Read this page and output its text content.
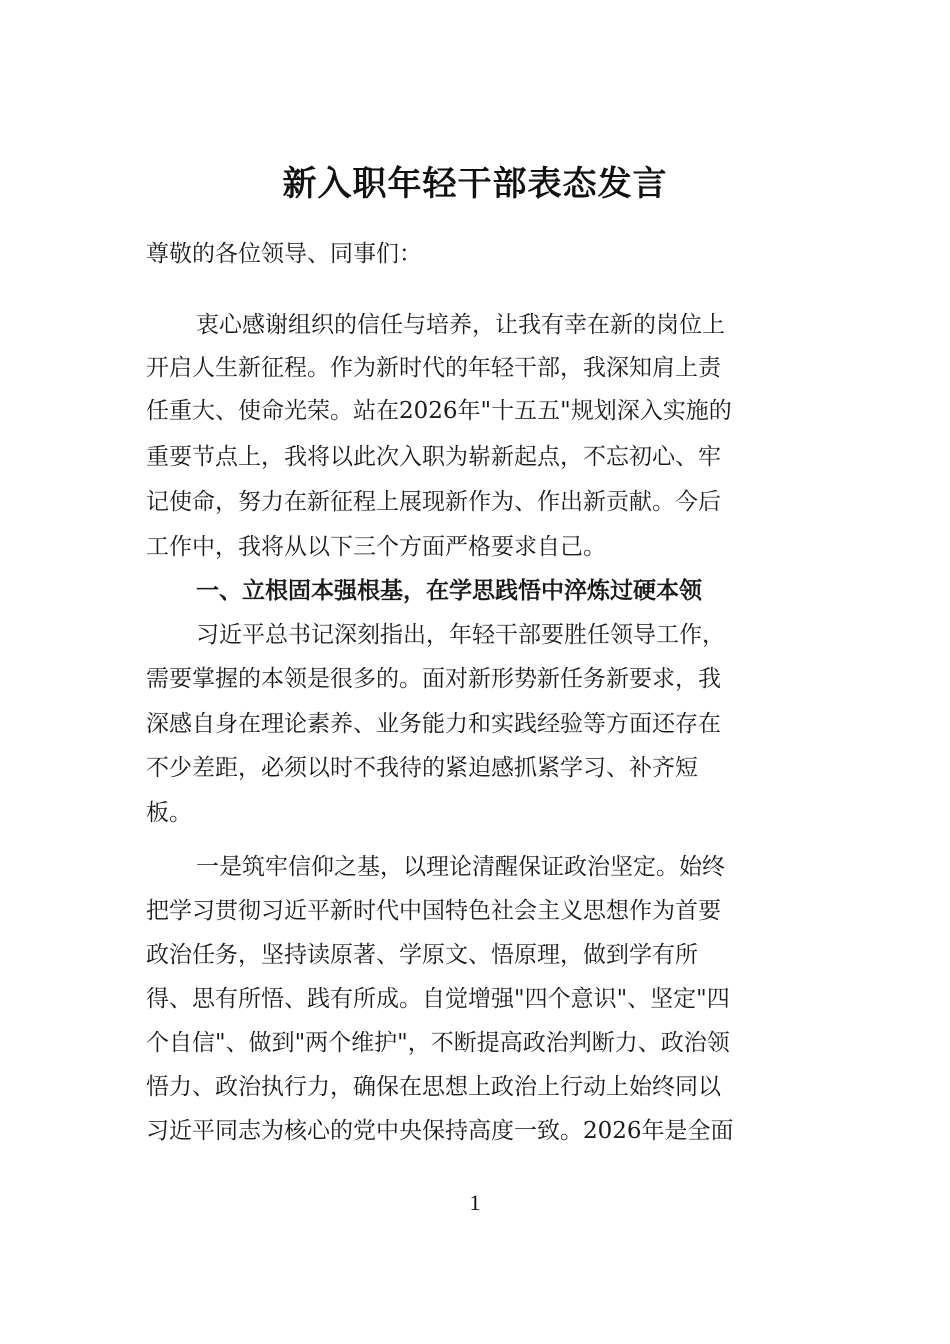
新入职年轻干部表态发言
尊敬的各位领导、同事们：
衷心感谢组织的信任与培养，让我有幸在新的岗位上
开启人生新征程。作为新时代的年轻干部，我深知肩上责
任重大、使命光荣。站在2026年"十五五"规划深入实施的
重要节点上，我将以此次入职为崭新起点，不忘初心、牢
记使命，努力在新征程上展现新作为、作出新贡献。今后
工作中，我将从以下三个方面严格要求自己。
一、立根固本强根基，在学思践悟中淬炼过硬本领
习近平总书记深刻指出，年轻干部要胜任领导工作，
需要掌握的本领是很多的。面对新形势新任务新要求，我
深感自身在理论素养、业务能力和实践经验等方面还存在
不少差距，必须以时不我待的紧迫感抓紧学习、补齐短
板。
一是筑牢信仰之基，以理论清醒保证政治坚定。始终
把学习贯彻习近平新时代中国特色社会主义思想作为首要
政治任务，坚持读原著、学原文、悟原理，做到学有所
得、思有所悟、践有所成。自觉增强"四个意识"、坚定"四
个自信"、做到"两个维护"，不断提高政治判断力、政治领
悟力、政治执行力，确保在思想上政治上行动上始终同以
习近平同志为核心的党中央保持高度一致。2026年是全面
1
